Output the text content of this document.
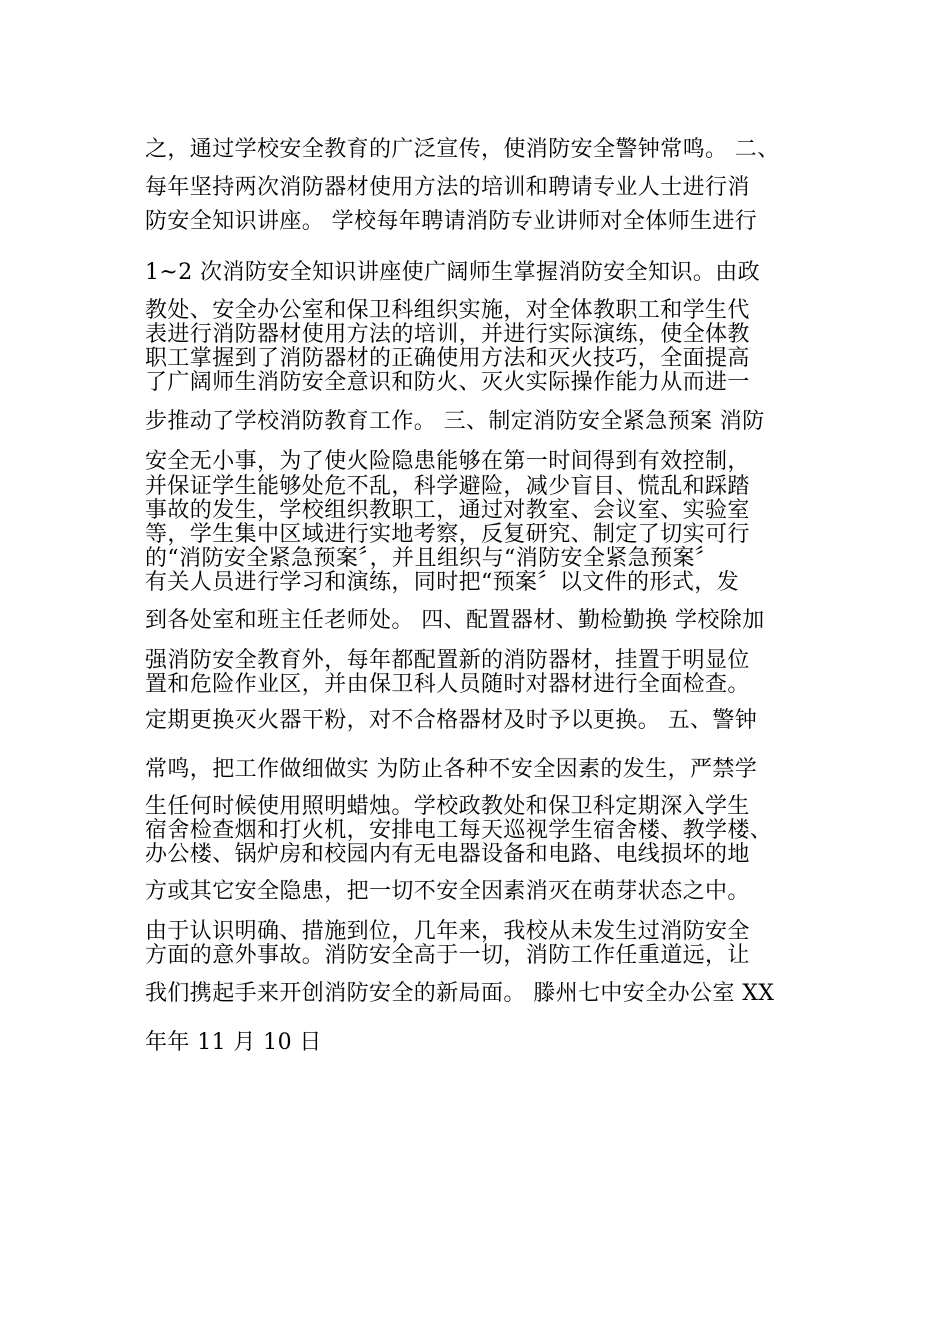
之，通过学校安全教育的广泛宣传，使消防安全警钟常鸣。 二、
每年坚持两次消防器材使用方法的培训和聘请专业人士进行消
防安全知识讲座。 学校每年聘请消防专业讲师对全体师生进行
1~2 次消防安全知识讲座使广阔师生掌握消防安全知识。由政
教处、安全办公室和保卫科组织实施，对全体教职工和学生代
表进行消防器材使用方法的培训，并进行实际演练，使全体教
职工掌握到了消防器材的正确使用方法和灭火技巧，全面提高
了广阔师生消防安全意识和防火、灭火实际操作能力从而进一
步推动了学校消防教育工作。 三、制定消防安全紧急预案 消防
安全无小事，为了使火险隐患能够在第一时间得到有效控制，
并保证学生能够处危不乱，科学避险，减少盲目、慌乱和踩踏
事故的发生，学校组织教职工，通过对教室、会议室、实验室
等，学生集中区域进行实地考察，反复研究、制定了切实可行
的“消防安全紧急预案〞，并且组织与“消防安全紧急预案〞
有关人员进行学习和演练，同时把“预案〞以文件的形式，发
到各处室和班主任老师处。 四、配置器材、勤检勤换 学校除加
强消防安全教育外，每年都配置新的消防器材，挂置于明显位
置和危险作业区，并由保卫科人员随时对器材进行全面检查。
定期更换灭火器干粉，对不合格器材及时予以更换。 五、警钟
常鸣，把工作做细做实 为防止各种不安全因素的发生，严禁学
生任何时候使用照明蜡烛。学校政教处和保卫科定期深入学生
宿舍检查烟和打火机，安排电工每天巡视学生宿舍楼、教学楼、
办公楼、锅炉房和校园内有无电器设备和电路、电线损坏的地
方或其它安全隐患，把一切不安全因素消灭在萌芽状态之中。
由于认识明确、措施到位，几年来，我校从未发生过消防安全
方面的意外事故。消防安全高于一切，消防工作任重道远，让
我们携起手来开创消防安全的新局面。 滕州七中安全办公室 XX
年年 11 月 10 日
